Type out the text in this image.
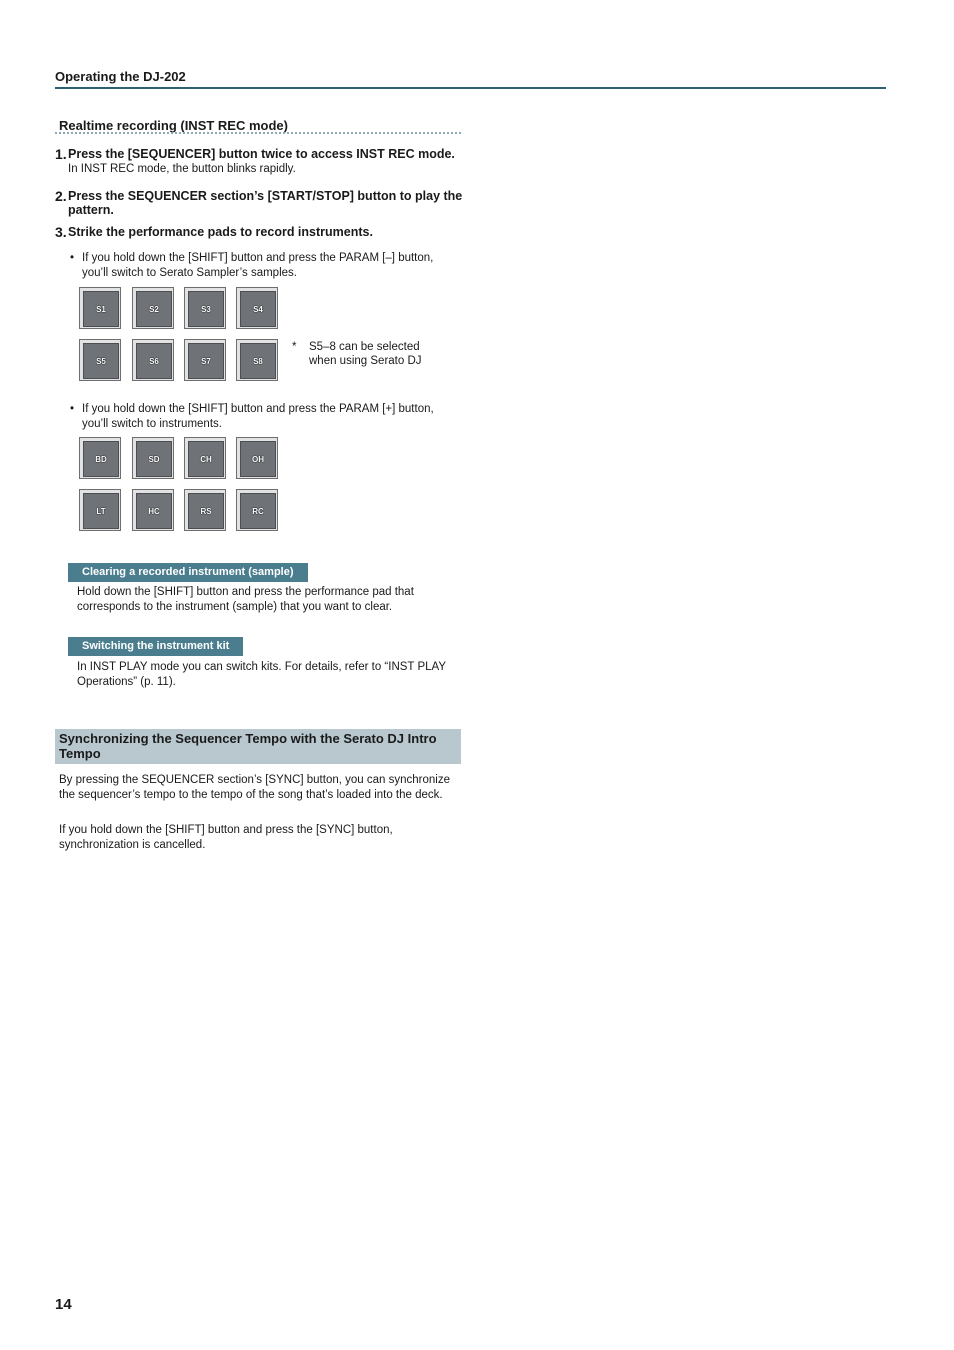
Operating the DJ-202
Realtime recording (INST REC mode)
1. Press the [SEQUENCER] button twice to access INST REC mode.
In INST REC mode, the button blinks rapidly.
2. Press the SEQUENCER section’s [START/STOP] button to play the pattern.
3. Strike the performance pads to record instruments.
• If you hold down the [SHIFT] button and press the PARAM [–] button, you’ll switch to Serato Sampler’s samples.
S1	S2	S3	S4
S5	S6	S7	S8
* S5–8 can be selected when using Serato DJ
• If you hold down the [SHIFT] button and press the PARAM [+] button, you’ll switch to instruments.
BD	SD	CH	OH
LT	HC	RS	RC
Clearing a recorded instrument (sample)
Hold down the [SHIFT] button and press the performance pad that corresponds to the instrument (sample) that you want to clear.
Switching the instrument kit
In INST PLAY mode you can switch kits. For details, refer to “INST PLAY Operations” (p. 11).
Synchronizing the Sequencer Tempo with the Serato DJ Intro Tempo
By pressing the SEQUENCER section’s [SYNC] button, you can synchronize the sequencer’s tempo to the tempo of the song that’s loaded into the deck.
If you hold down the [SHIFT] button and press the [SYNC] button, synchronization is cancelled.
14
